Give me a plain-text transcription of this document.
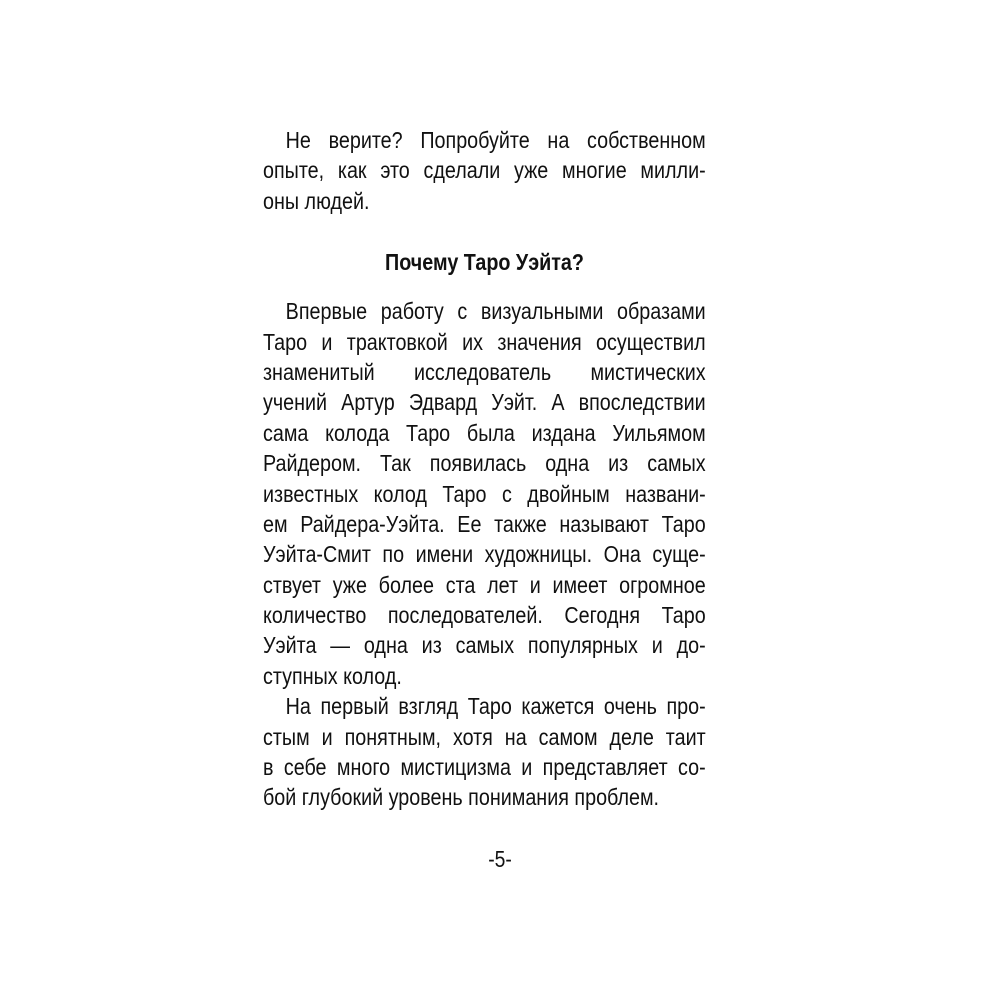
Не верите? Попробуйте на собственном
опыте, как это сделали уже многие милли-
оны людей.
Почему Таро Уэйта?
Впервые работу с визуальными образами
Таро и трактовкой их значения осуществил
знаменитый исследователь мистических
учений Артур Эдвард Уэйт. А впоследствии
сама колода Таро была издана Уильямом
Райдером. Так появилась одна из самых
известных колод Таро с двойным названи-
ем Райдера-Уэйта. Ее также называют Таро
Уэйта-Смит по имени художницы. Она суще-
ствует уже более ста лет и имеет огромное
количество последователей. Сегодня Таро
Уэйта — одна из самых популярных и до-
ступных колод.
На первый взгляд Таро кажется очень про-
стым и понятным, хотя на самом деле таит
в себе много мистицизма и представляет со-
бой глубокий уровень понимания проблем.
-5-
